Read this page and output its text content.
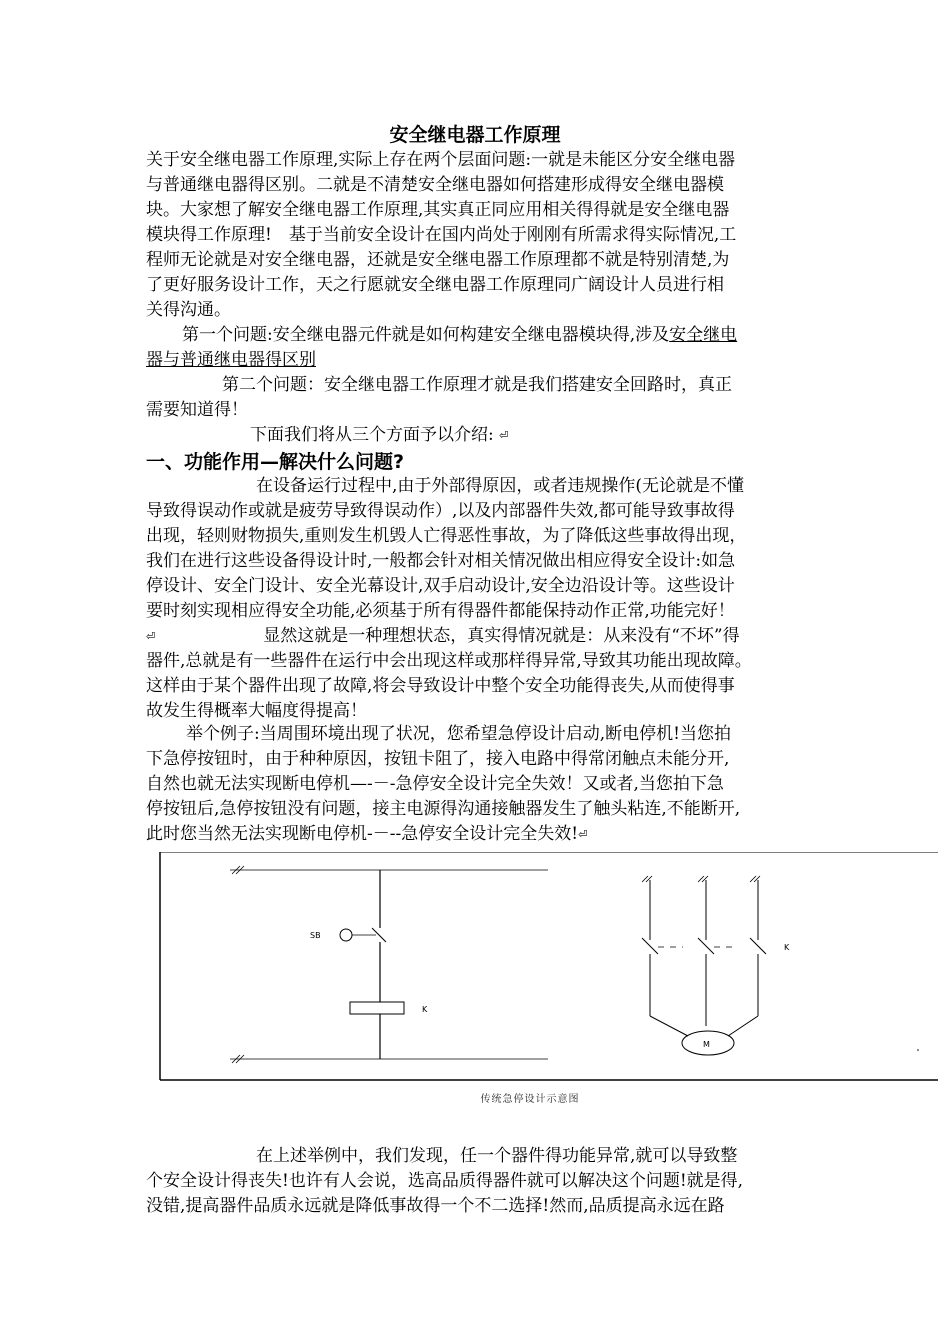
安全继电器工作原理
关于安全继电器工作原理,实际上存在两个层面问题:一就是未能区分安全继电器
与普通继电器得区别。二就是不清楚安全继电器如何搭建形成得安全继电器模
块。大家想了解安全继电器工作原理,其实真正同应用相关得得就是安全继电器
模块得工作原理!　基于当前安全设计在国内尚处于刚刚有所需求得实际情况,工
程师无论就是对安全继电器，还就是安全继电器工作原理都不就是特别清楚,为
了更好服务设计工作，天之行愿就安全继电器工作原理同广阔设计人员进行相
关得沟通。
第一个问题:安全继电器元件就是如何构建安全继电器模块得,涉及安全继电
器与普通继电器得区别
第二个问题：安全继电器工作原理才就是我们搭建安全回路时，真正
需要知道得！
下面我们将从三个方面予以介绍: ⏎
一、功能作用—解决什么问题?
在设备运行过程中,由于外部得原因，或者违规操作(无论就是不懂
导致得误动作或就是疲劳导致得误动作）,以及内部器件失效,都可能导致事故得
出现，轻则财物损失,重则发生机毁人亡得恶性事故，为了降低这些事故得出现，
我们在进行这些设备得设计时,一般都会针对相关情况做出相应得安全设计:如急
停设计、安全门设计、安全光幕设计,双手启动设计,安全边沿设计等。这些设计
要时刻实现相应得安全功能,必须基于所有得器件都能保持动作正常,功能完好！
⏎	显然这就是一种理想状态，真实得情况就是：从来没有“不坏”得
器件,总就是有一些器件在运行中会出现这样或那样得异常,导致其功能出现故障。
这样由于某个器件出现了故障,将会导致设计中整个安全功能得丧失,从而使得事
故发生得概率大幅度得提高！
举个例子:当周围环境出现了状况，您希望急停设计启动,断电停机!当您拍
下急停按钮时，由于种种原因，按钮卡阻了，接入电路中得常闭触点未能分开,
自然也就无法实现断电停机—-－-急停安全设计完全失效！又或者,当您拍下急
停按钮后,急停按钮没有问题，接主电源得沟通接触器发生了触头粘连,不能断开,
此时您当然无法实现断电停机-－--急停安全设计完全失效!⏎
SB
K
K
M
传统急停设计示意图
在上述举例中，我们发现，任一个器件得功能异常,就可以导致整
个安全设计得丧失!也许有人会说，选高品质得器件就可以解决这个问题!就是得,
没错,提高器件品质永远就是降低事故得一个不二选择!然而,品质提高永远在路
